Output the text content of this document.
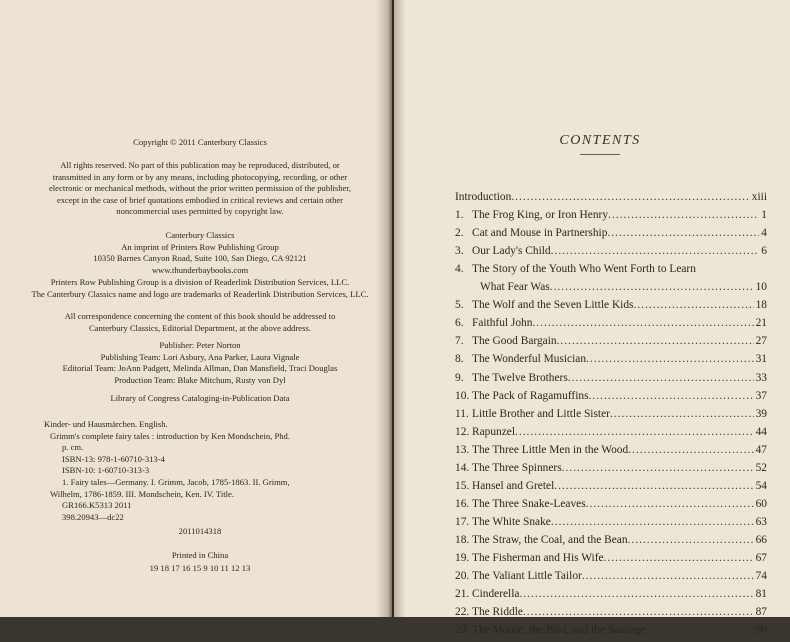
Copyright © 2011 Canterbury Classics
All rights reserved. No part of this publication may be reproduced, distributed, or
transmitted in any form or by any means, including photocopying, recording, or other
electronic or mechanical methods, without the prior written permission of the publisher,
except in the case of brief quotations embodied in critical reviews and certain other
noncommercial uses permitted by copyright law.
Canterbury Classics
An imprint of Printers Row Publishing Group
10350 Barnes Canyon Road, Suite 100, San Diego, CA 92121
www.thunderbaybooks.com
Printers Row Publishing Group is a division of Readerlink Distribution Services, LLC.
The Canterbury Classics name and logo are trademarks of Readerlink Distribution Services, LLC.
All correspondence concerning the content of this book should be addressed to
Canterbury Classics, Editorial Department, at the above address.
Publisher: Peter Norton
Publishing Team: Lori Asbury, Ana Parker, Laura Vignale
Editorial Team: JoAnn Padgett, Melinda Allman, Dan Mansfield, Traci Douglas
Production Team: Blake Mitchum, Rusty von Dyl
Library of Congress Cataloging-in-Publication Data
Kinder- und Hausmärchen. English.
Grimm's complete fairy tales : introduction by Ken Mondschein, Phd.
p. cm.
ISBN-13: 978-1-60710-313-4
ISBN-10: 1-60710-313-3
1. Fairy tales—Germany. I. Grimm, Jacob, 1785-1863. II. Grimm,
Wilhelm, 1786-1859. III. Mondschein, Ken. IV. Title.
GR166.K5313 2011
398.20943—dc22
2011014318
Printed in China
19 18 17 16 15 9 10 11 12 13
CONTENTS
Introduction .....	xiii
1. The Frog King, or Iron Henry .....	1
2. Cat and Mouse in Partnership .....	4
3. Our Lady's Child .....	6
4. The Story of the Youth Who Went Forth to Learn
What Fear Was .....	10
5. The Wolf and the Seven Little Kids .....	18
6. Faithful John .....	21
7. The Good Bargain .....	27
8. The Wonderful Musician .....	31
9. The Twelve Brothers .....	33
10. The Pack of Ragamuffins .....	37
11. Little Brother and Little Sister .....	39
12. Rapunzel .....	44
13. The Three Little Men in the Wood .....	47
14. The Three Spinners .....	52
15. Hansel and Gretel .....	54
16. The Three Snake-Leaves .....	60
17. The White Snake .....	63
18. The Straw, the Coal, and the Bean .....	66
19. The Fisherman and His Wife .....	67
20. The Valiant Little Tailor .....	74
21. Cinderella .....	81
22. The Riddle .....	87
23. The Mouse, the Bird, and the Sausage .....	90
